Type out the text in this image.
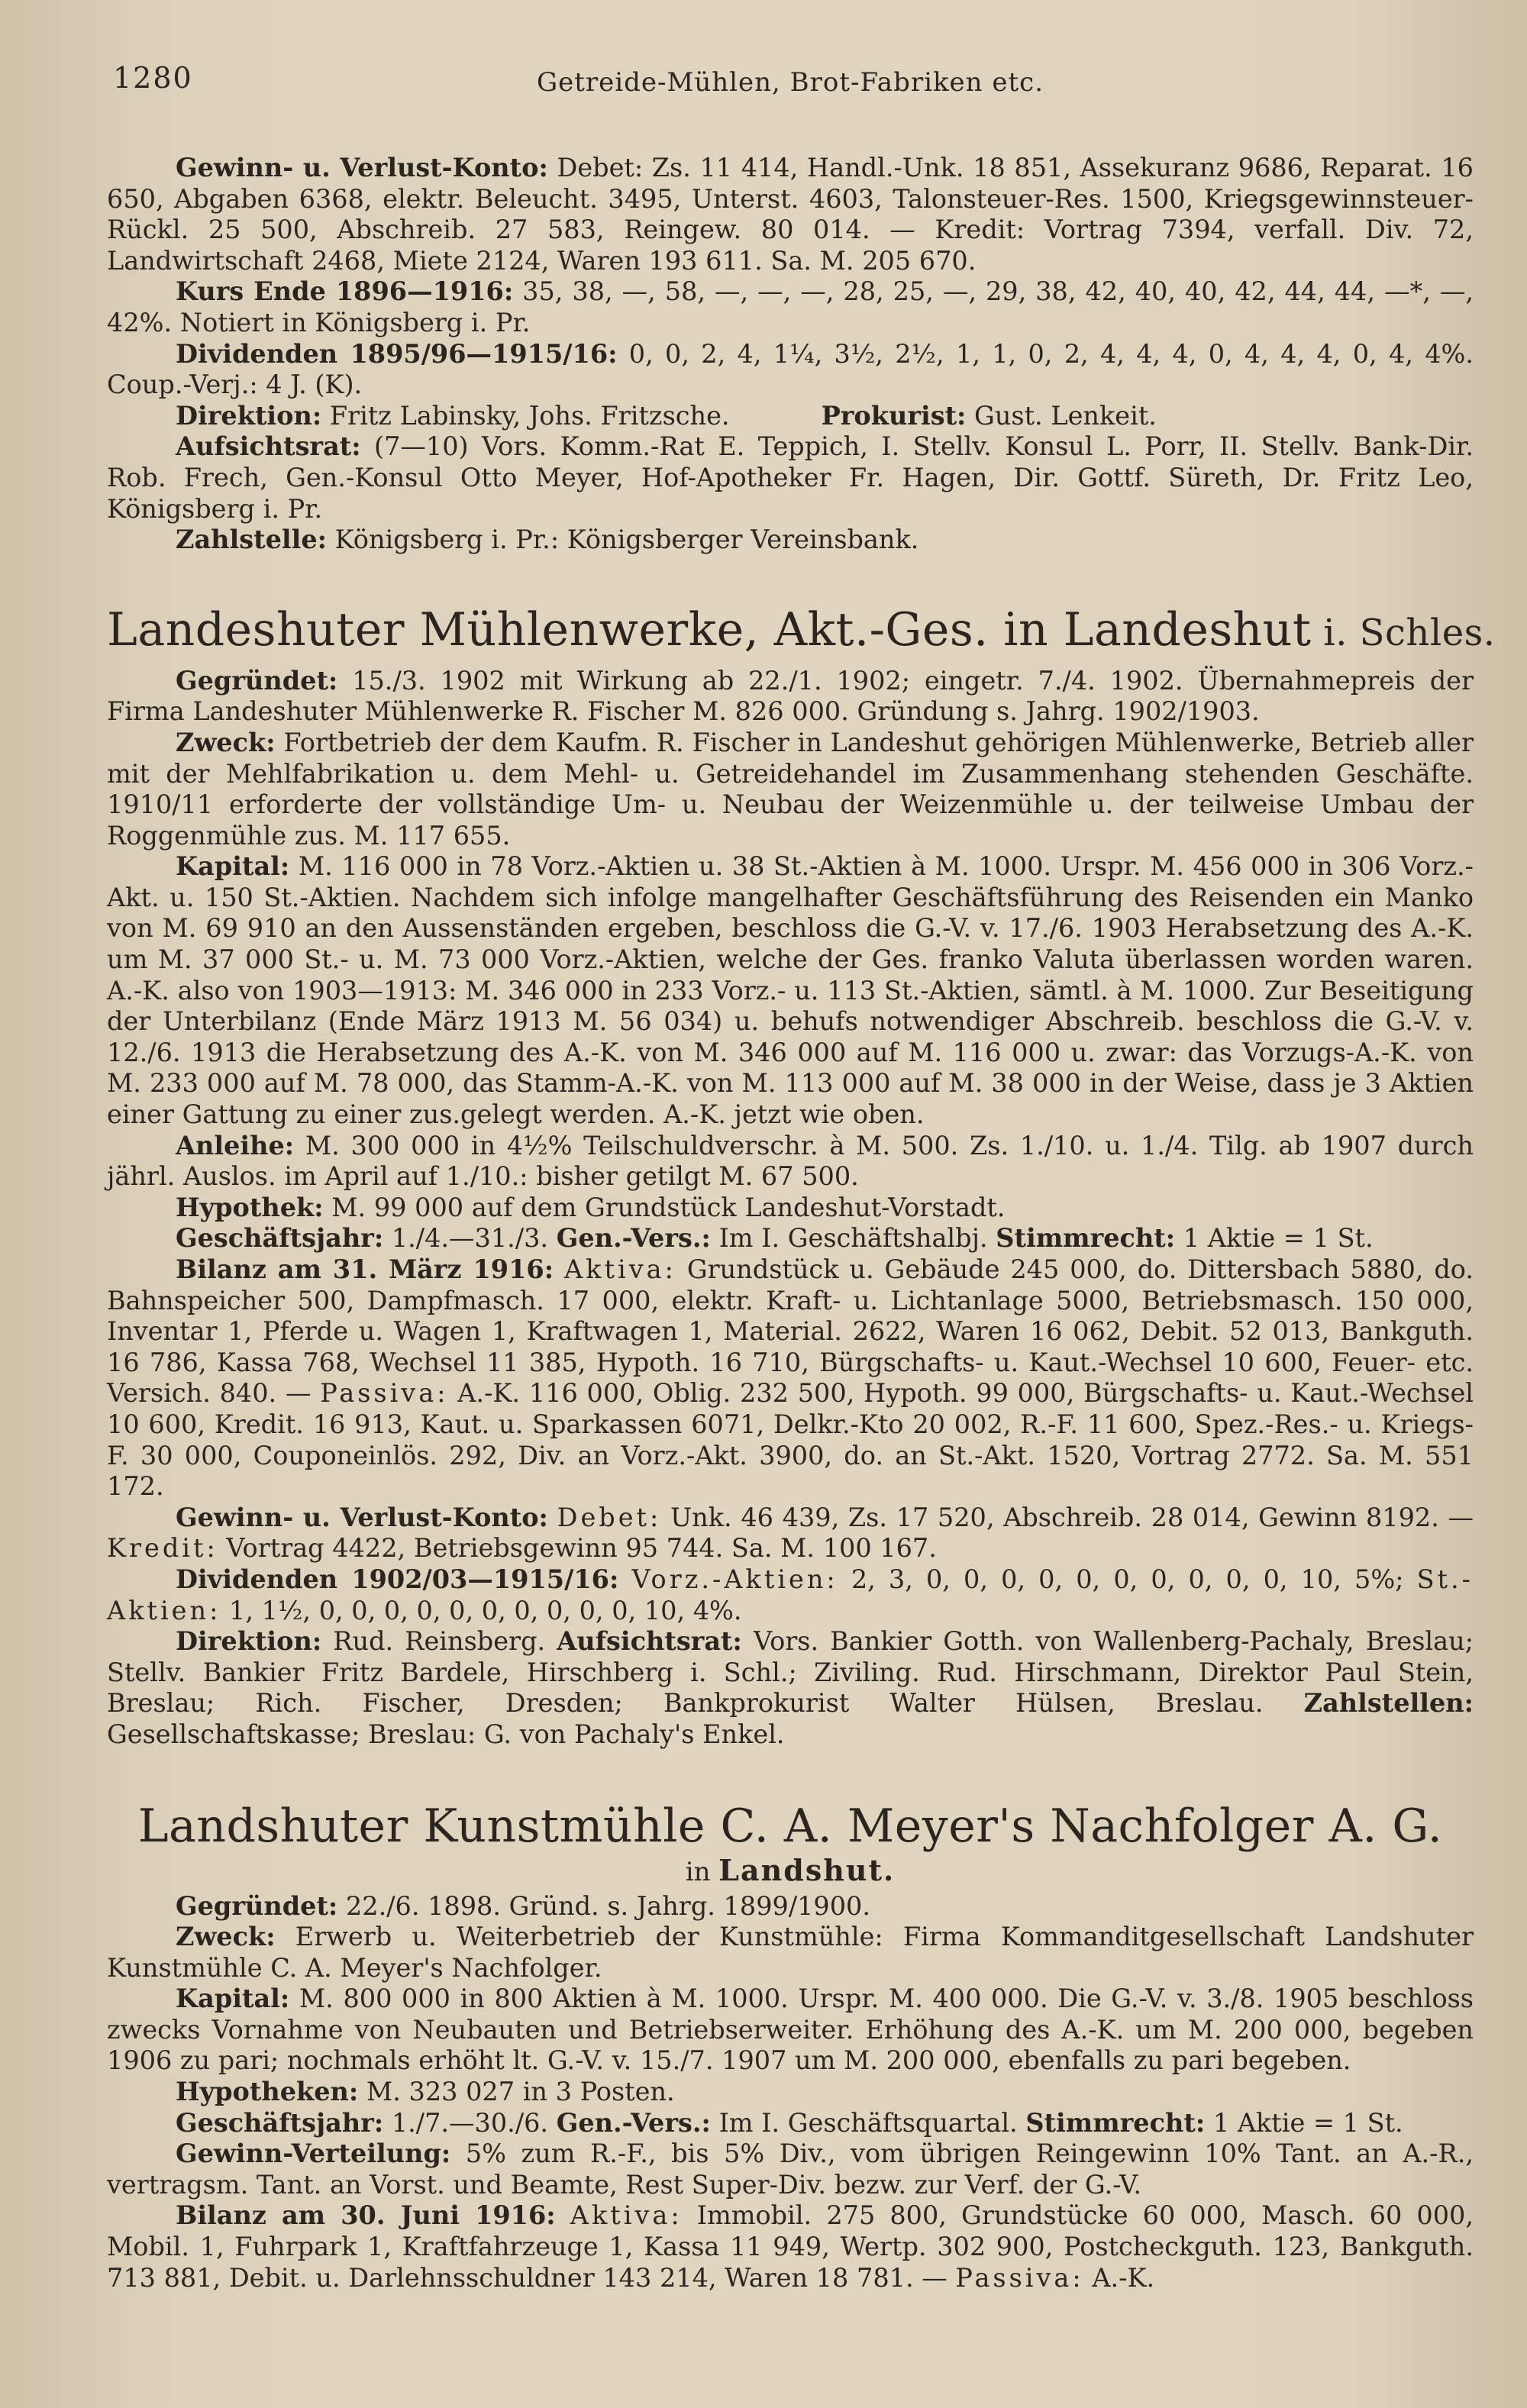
1280	Getreide-Mühlen, Brot-Fabriken etc.

Gewinn- u. Verlust-Konto: Debet: Zs. 11 414, Handl.-Unk. 18 851, Assekuranz 9686, Reparat. 16 650, Abgaben 6368, elektr. Beleucht. 3495, Unterst. 4603, Talonsteuer-Res. 1500, Kriegsgewinnsteuer-Rückl. 25 500, Abschreib. 27 583, Reingew. 80 014. — Kredit: Vortrag 7394, verfall. Div. 72, Landwirtschaft 2468, Miete 2124, Waren 193 611. Sa. M. 205 670.

Kurs Ende 1896—1916: 35, 38, —, 58, —, —, —, 28, 25, —, 29, 38, 42, 40, 40, 42, 44, 44, —*, —, 42%. Notiert in Königsberg i. Pr.

Dividenden 1895/96—1915/16: 0, 0, 2, 4, 1¼, 3½, 2½, 1, 1, 0, 2, 4, 4, 4, 0, 4, 4, 4, 0, 4, 4%. Coup.-Verj.: 4 J. (K).

Direktion: Fritz Labinsky, Johs. Fritzsche.	Prokurist: Gust. Lenkeit.

Aufsichtsrat: (7—10) Vors. Komm.-Rat E. Teppich, I. Stellv. Konsul L. Porr, II. Stellv. Bank-Dir. Rob. Frech, Gen.-Konsul Otto Meyer, Hof-Apotheker Fr. Hagen, Dir. Gottf. Süreth, Dr. Fritz Leo, Königsberg i. Pr.

Zahlstelle: Königsberg i. Pr.: Königsberger Vereinsbank.

Landeshuter Mühlenwerke, Akt.-Ges. in Landeshut i. Schles.

Gegründet: 15./3. 1902 mit Wirkung ab 22./1. 1902; eingetr. 7./4. 1902. Übernahmepreis der Firma Landeshuter Mühlenwerke R. Fischer M. 826 000. Gründung s. Jahrg. 1902/1903.

Zweck: Fortbetrieb der dem Kaufm. R. Fischer in Landeshut gehörigen Mühlenwerke, Betrieb aller mit der Mehlfabrikation u. dem Mehl- u. Getreidehandel im Zusammenhang stehenden Geschäfte. 1910/11 erforderte der vollständige Um- u. Neubau der Weizenmühle u. der teilweise Umbau der Roggenmühle zus. M. 117 655.

Kapital: M. 116 000 in 78 Vorz.-Aktien u. 38 St.-Aktien à M. 1000. Urspr. M. 456 000 in 306 Vorz.-Akt. u. 150 St.-Aktien. Nachdem sich infolge mangelhafter Geschäftsführung des Reisenden ein Manko von M. 69 910 an den Aussenständen ergeben, beschloss die G.-V. v. 17./6. 1903 Herabsetzung des A.-K. um M. 37 000 St.- u. M. 73 000 Vorz.-Aktien, welche der Ges. franko Valuta überlassen worden waren. A.-K. also von 1903—1913: M. 346 000 in 233 Vorz.- u. 113 St.-Aktien, sämtl. à M. 1000. Zur Beseitigung der Unterbilanz (Ende März 1913 M. 56 034) u. behufs notwendiger Abschreib. beschloss die G.-V. v. 12./6. 1913 die Herabsetzung des A.-K. von M. 346 000 auf M. 116 000 u. zwar: das Vorzugs-A.-K. von M. 233 000 auf M. 78 000, das Stamm-A.-K. von M. 113 000 auf M. 38 000 in der Weise, dass je 3 Aktien einer Gattung zu einer zus.gelegt werden. A.-K. jetzt wie oben.

Anleihe: M. 300 000 in 4½% Teilschuldverschr. à M. 500. Zs. 1./10. u. 1./4. Tilg. ab 1907 durch jährl. Auslos. im April auf 1./10.: bisher getilgt M. 67 500.

Hypothek: M. 99 000 auf dem Grundstück Landeshut-Vorstadt.

Geschäftsjahr: 1./4.—31./3. Gen.-Vers.: Im I. Geschäftshalbj. Stimmrecht: 1 Aktie = 1 St.

Bilanz am 31. März 1916: Aktiva: Grundstück u. Gebäude 245 000, do. Dittersbach 5880, do. Bahnspeicher 500, Dampfmasch. 17 000, elektr. Kraft- u. Lichtanlage 5000, Betriebsmasch. 150 000, Inventar 1, Pferde u. Wagen 1, Kraftwagen 1, Material. 2622, Waren 16 062, Debit. 52 013, Bankguth. 16 786, Kassa 768, Wechsel 11 385, Hypoth. 16 710, Bürgschafts- u. Kaut.-Wechsel 10 600, Feuer- etc. Versich. 840. — Passiva: A.-K. 116 000, Oblig. 232 500, Hypoth. 99 000, Bürgschafts- u. Kaut.-Wechsel 10 600, Kredit. 16 913, Kaut. u. Sparkassen 6071, Delkr.-Kto 20 002, R.-F. 11 600, Spez.-Res.- u. Kriegs-F. 30 000, Couponeinlös. 292, Div. an Vorz.-Akt. 3900, do. an St.-Akt. 1520, Vortrag 2772. Sa. M. 551 172.

Gewinn- u. Verlust-Konto: Debet: Unk. 46 439, Zs. 17 520, Abschreib. 28 014, Gewinn 8192. — Kredit: Vortrag 4422, Betriebsgewinn 95 744. Sa. M. 100 167.

Dividenden 1902/03—1915/16: Vorz.-Aktien: 2, 3, 0, 0, 0, 0, 0, 0, 0, 0, 0, 0, 10, 5%; St.-Aktien: 1, 1½, 0, 0, 0, 0, 0, 0, 0, 0, 0, 0, 10, 4%.

Direktion: Rud. Reinsberg. Aufsichtsrat: Vors. Bankier Gotth. von Wallenberg-Pachaly, Breslau; Stellv. Bankier Fritz Bardele, Hirschberg i. Schl.; Ziviling. Rud. Hirschmann, Direktor Paul Stein, Breslau; Rich. Fischer, Dresden; Bankprokurist Walter Hülsen, Breslau. Zahlstellen: Gesellschaftskasse; Breslau: G. von Pachaly's Enkel.

Landshuter Kunstmühle C. A. Meyer's Nachfolger A. G.
in Landshut.

Gegründet: 22./6. 1898. Gründ. s. Jahrg. 1899/1900.

Zweck: Erwerb u. Weiterbetrieb der Kunstmühle: Firma Kommanditgesellschaft Landshuter Kunstmühle C. A. Meyer's Nachfolger.

Kapital: M. 800 000 in 800 Aktien à M. 1000. Urspr. M. 400 000. Die G.-V. v. 3./8. 1905 beschloss zwecks Vornahme von Neubauten und Betriebserweiter. Erhöhung des A.-K. um M. 200 000, begeben 1906 zu pari; nochmals erhöht lt. G.-V. v. 15./7. 1907 um M. 200 000, ebenfalls zu pari begeben.

Hypotheken: M. 323 027 in 3 Posten.

Geschäftsjahr: 1./7.—30./6. Gen.-Vers.: Im I. Geschäftsquartal. Stimmrecht: 1 Aktie = 1 St.

Gewinn-Verteilung: 5% zum R.-F., bis 5% Div., vom übrigen Reingewinn 10% Tant. an A.-R., vertragsm. Tant. an Vorst. und Beamte, Rest Super-Div. bezw. zur Verf. der G.-V.

Bilanz am 30. Juni 1916: Aktiva: Immobil. 275 800, Grundstücke 60 000, Masch. 60 000, Mobil. 1, Fuhrpark 1, Kraftfahrzeuge 1, Kassa 11 949, Wertp. 302 900, Postcheckguth. 123, Bankguth. 713 881, Debit. u. Darlehnsschuldner 143 214, Waren 18 781. — Passiva: A.-K.
